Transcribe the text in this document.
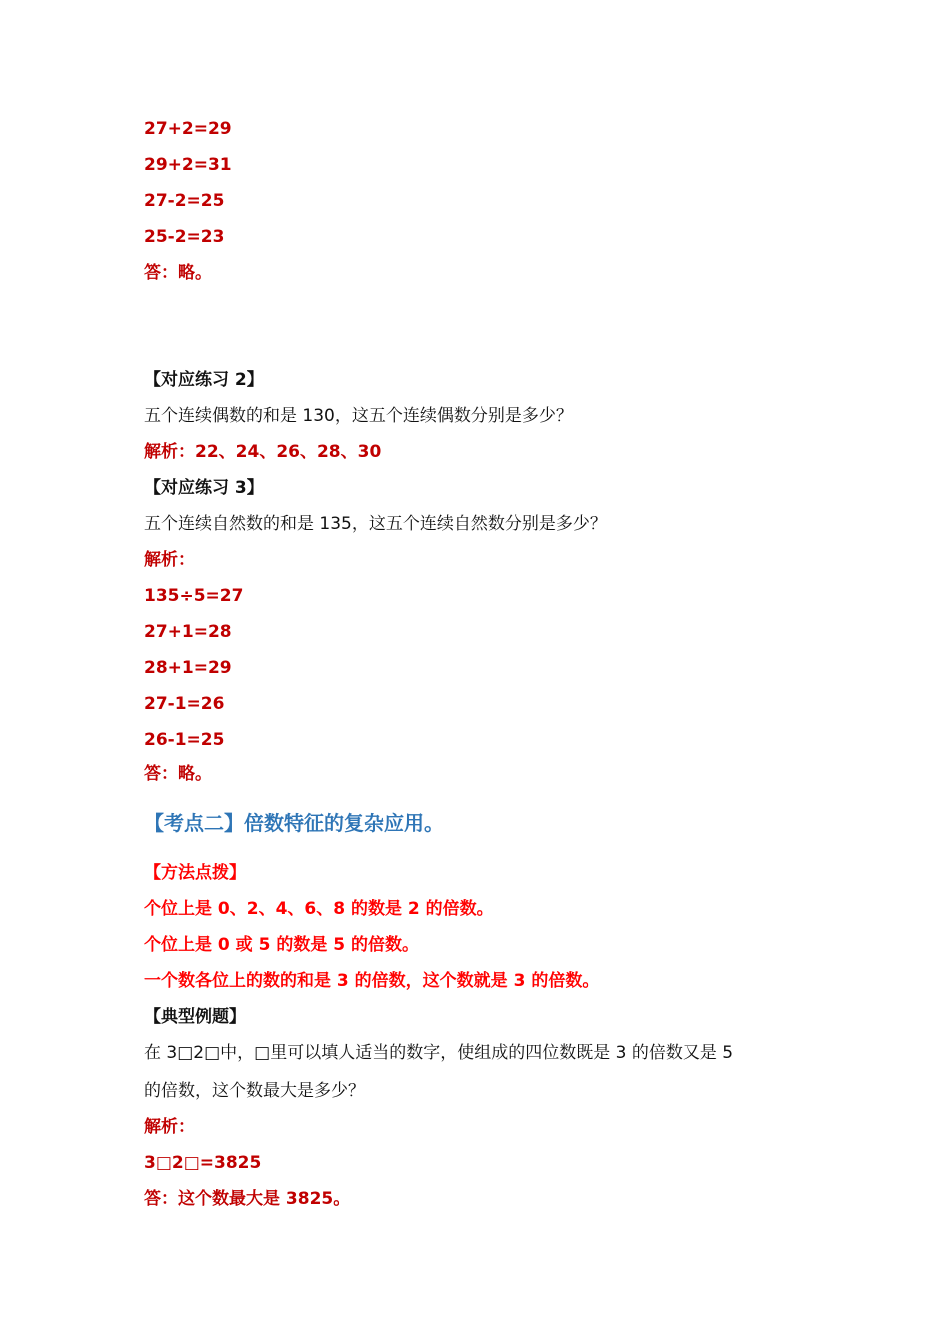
27+2=29
29+2=31
27-2=25
25-2=23
答：略。
【对应练习 2】
五个连续偶数的和是 130，这五个连续偶数分别是多少？
解析：22、24、26、28、30
【对应练习 3】
五个连续自然数的和是 135，这五个连续自然数分别是多少？
解析：
135÷5=27
27+1=28
28+1=29
27-1=26
26-1=25
答：略。
【考点二】倍数特征的复杂应用。
【方法点拨】
个位上是 0、2、4、6、8 的数是 2 的倍数。
个位上是 0 或 5 的数是 5 的倍数。
一个数各位上的数的和是 3 的倍数，这个数就是 3 的倍数。
【典型例题】
在 3□2□中，□里可以填人适当的数字，使组成的四位数既是 3 的倍数又是 5
的倍数，这个数最大是多少？
解析：
3□2□=3825
答：这个数最大是 3825。
